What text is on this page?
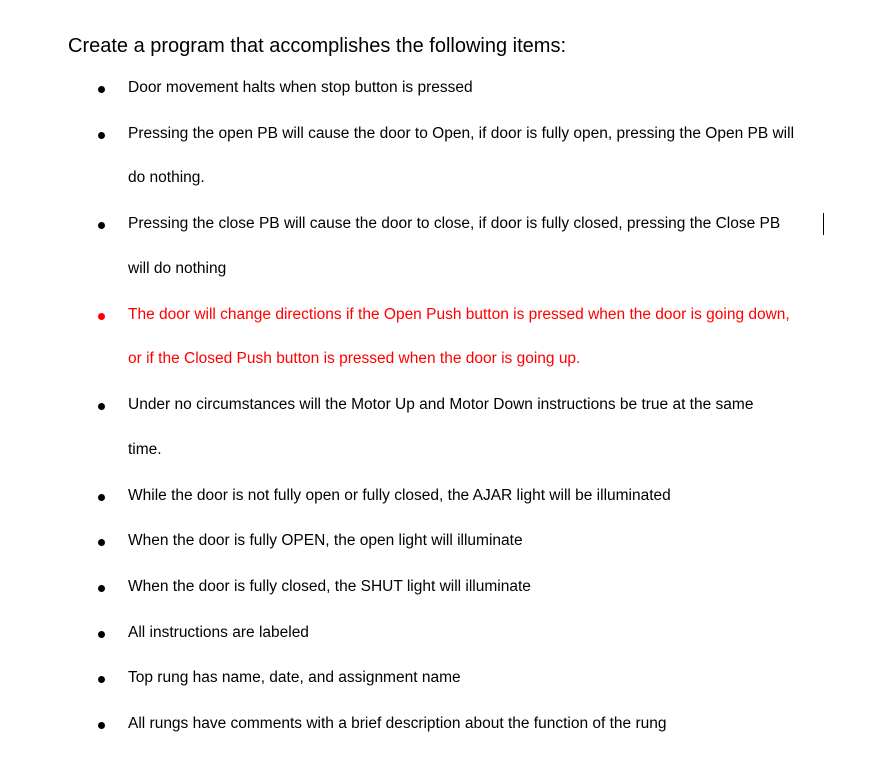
Create a program that accomplishes the following items:
Door movement halts when stop button is pressed
Pressing the open PB will cause the door to Open, if door is fully open, pressing the Open PB will
do nothing.
Pressing the close PB will cause the door to close, if door is fully closed, pressing the Close PB
will do nothing
The door will change directions if the Open Push button is pressed when the door is going down,
or if the Closed Push button is pressed when the door is going up.
Under no circumstances will the Motor Up and Motor Down instructions be true at the same
time.
While the door is not fully open or fully closed, the AJAR light will be illuminated
When the door is fully OPEN, the open light will illuminate
When the door is fully closed, the SHUT light will illuminate
All instructions are labeled
Top rung has name, date, and assignment name
All rungs have comments with a brief description about the function of the rung
